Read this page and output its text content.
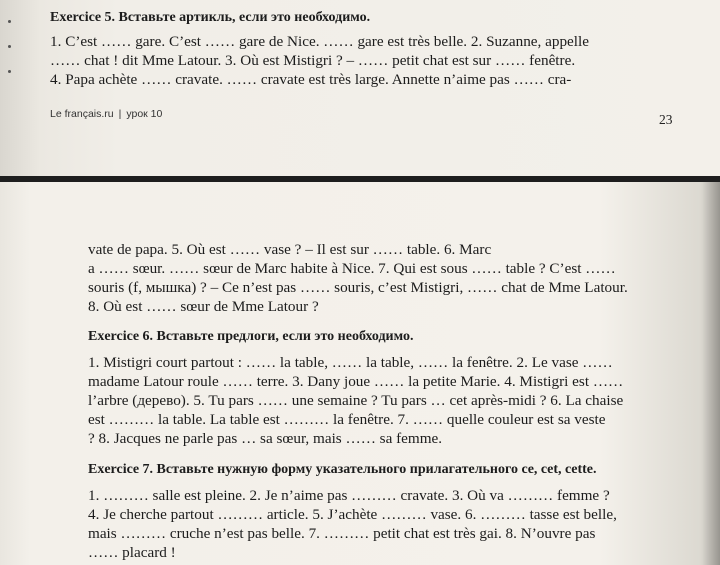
Exercice 5. Вставьте артикль, если это необходимо.

1. C’est …… gare. C’est …… gare de Nice. …… gare est très belle. 2. Suzanne, appelle

…… chat ! dit Mme Latour. 3. Où est Mistigri ? – …… petit chat est sur …… fenêtre.

4. Papa achète …… cravate. …… cravate est très large. Annette n’aime pas …… cra-

Le français.ru | урок 10	23

vate de papa. 5. Où est …… vase ? – Il est sur …… table. 6. Marc

a …… sœur. …… sœur de Marc habite à Nice. 7. Qui est sous …… table ? C’est ……

souris (f, мышка) ? – Ce n’est pas …… souris, c’est Mistigri, …… chat de Mme Latour.

8. Où est …… sœur de Mme Latour ?

Exercice 6. Вставьте предлоги, если это необходимо.

1. Mistigri court partout : …… la table, …… la table, …… la fenêtre. 2. Le vase ……

madame Latour roule …… terre. 3. Dany joue …… la petite Marie. 4. Mistigri est ……

l’arbre (дерево). 5. Tu pars …… une semaine ? Tu pars … cet après-midi ? 6. La chaise

est ……… la table. La table est ……… la fenêtre. 7. …… quelle couleur est sa veste

? 8. Jacques ne parle pas … sa sœur, mais …… sa femme.

Exercice 7. Вставьте нужную форму указательного прилагательного ce, cet, cette.

1. ……… salle est pleine. 2. Je n’aime pas ……… cravate. 3. Où va ……… femme ?

4. Je cherche partout ……… article. 5. J’achète ……… vase. 6. ……… tasse est belle,

mais ……… cruche n’est pas belle. 7. ……… petit chat est très gai. 8. N’ouvre pas

…… placard !
